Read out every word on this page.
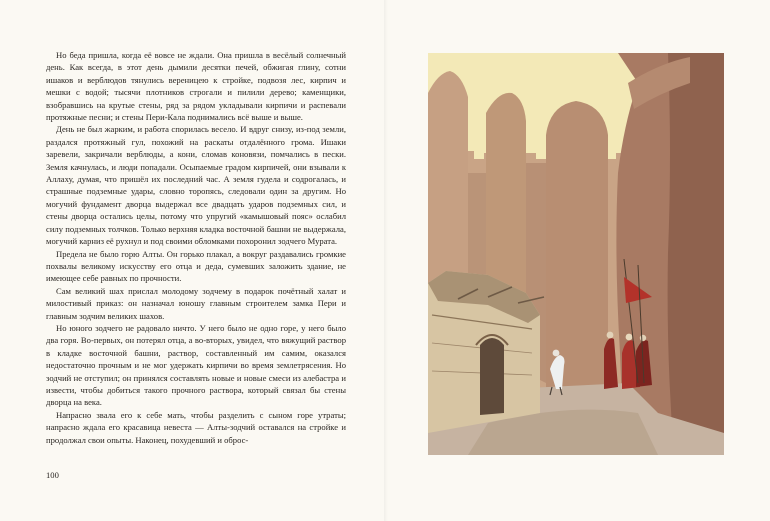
Но беда пришла, когда её вовсе не ждали. Она пришла в весёлый солнечный день. Как всегда, в этот день дымили десятки печей, обжигая глину, сотни ишаков и верблюдов тянулись вереницею к стройке, подвозя лес, кирпич и мешки с водой; тысячи плотников строгали и пилили дерево; каменщики, взобравшись на крутые стены, ряд за рядом укладывали кирпичи и распевали протяжные песни; и стены Пери-Кала поднимались всё выше и выше.

День не был жарким, и работа спорилась весело. И вдруг снизу, из-под земли, раздался протяжный гул, похожий на раскаты отдалённого грома. Ишаки заревели, закричали верблюды, а кони, сломав коновязи, помчались в пески. Земля качнулась, и люди попадали. Осыпаемые градом кирпичей, они взывали к Аллаху, думая, что пришёл их последний час. А земля гудела и содрогалась, и страшные подземные удары, словно торопясь, следовали один за другим. Но могучий фундамент дворца выдержал все двадцать ударов подземных сил, и стены дворца остались целы, потому что упругий «камышовый пояс» ослабил силу подземных толчков. Только верхняя кладка восточной башни не выдержала, могучий карниз её рухнул и под своими обломками похоронил зодчего Мурата.

Предела не было горю Алты. Он горько плакал, а вокруг раздавались громкие похвалы великому искусству его отца и деда, сумевших заложить здание, не имеющее себе равных по прочности.

Сам великий шах прислал молодому зодчему в подарок почётный халат и милостивый приказ: он назначал юношу главным строителем замка Пери и главным зодчим великих шахов.

Но юного зодчего не радовало ничто. У него было не одно горе, у него было два горя. Во-первых, он потерял отца, а во-вторых, увидел, что вяжущий раствор в кладке восточной башни, раствор, составленный им самим, оказался недостаточно прочным и не мог удержать кирпичи во время землетрясения. Но зодчий не отступил; он принялся составлять новые и новые смеси из алебастра и извести, чтобы добиться такого прочного раствора, который связал бы стены дворца на века.

Напрасно звала его к себе мать, чтобы разделить с сыном горе утраты; напрасно ждала его красавица невеста — Алты-зодчий оставался на стройке и продолжал свои опыты. Наконец, похудевший и оброс-

100
